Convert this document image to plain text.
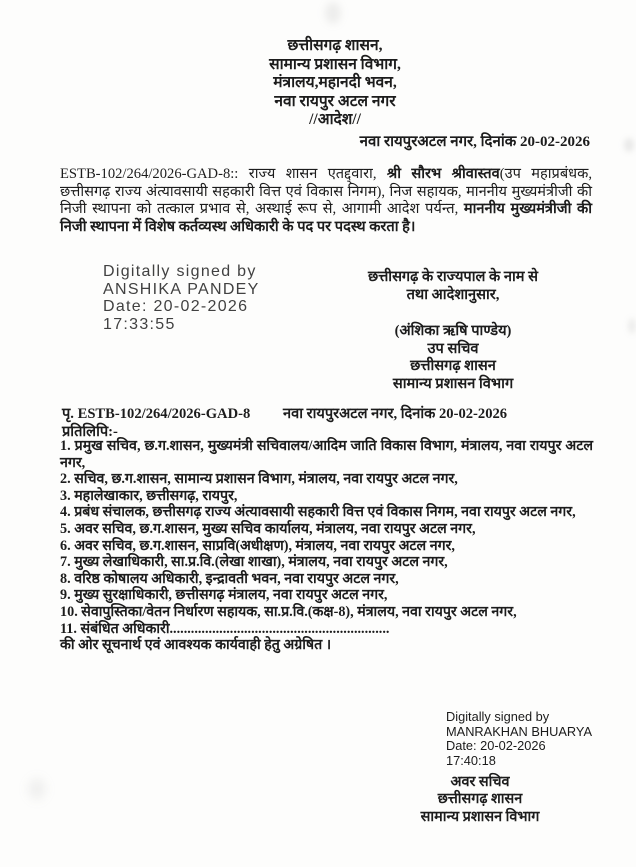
छत्तीसगढ़ शासन,
सामान्य प्रशासन विभाग,
मंत्रालय,महानदी भवन,
नवा रायपुर अटल नगर
//आदेश//
नवा रायपुरअटल नगर, दिनांक 20-02-2026

ESTB-102/264/2026-GAD-8:: राज्य शासन एतद्द्वारा, श्री सौरभ श्रीवास्तव(उप महाप्रबंधक, छत्तीसगढ़ राज्य अंत्यावसायी सहकारी वित्त एवं विकास निगम), निज सहायक, माननीय मुख्यमंत्रीजी की निजी स्थापना को तत्काल प्रभाव से, अस्थाई रूप से, आगामी आदेश पर्यन्त, माननीय मुख्यमंत्रीजी की निजी स्थापना में विशेष कर्तव्यस्थ अधिकारी के पद पर पदस्थ करता है।

Digitally signed by
ANSHIKA PANDEY
Date: 20-02-2026
17:33:55
छत्तीसगढ़ के राज्यपाल के नाम से
तथा आदेशानुसार,
(अंशिका ऋषि पाण्डेय)
उप सचिव
छत्तीसगढ़ शासन
सामान्य प्रशासन विभाग
पृ. ESTB-102/264/2026-GAD-8 नवा रायपुरअटल नगर, दिनांक 20-02-2026
प्रतिलिपि:-
1. प्रमुख सचिव, छ.ग.शासन, मुख्यमंत्री सचिवालय/आदिम जाति विकास विभाग, मंत्रालय, नवा रायपुर अटल नगर,
2. सचिव, छ.ग.शासन, सामान्य प्रशासन विभाग, मंत्रालय, नवा रायपुर अटल नगर,
3. महालेखाकार, छत्तीसगढ़, रायपुर,
4. प्रबंध संचालक, छत्तीसगढ़ राज्य अंत्यावसायी सहकारी वित्त एवं विकास निगम, नवा रायपुर अटल नगर,
5. अवर सचिव, छ.ग.शासन, मुख्य सचिव कार्यालय, मंत्रालय, नवा रायपुर अटल नगर,
6. अवर सचिव, छ.ग.शासन, साप्रवि(अधीक्षण), मंत्रालय, नवा रायपुर अटल नगर,
7. मुख्य लेखाधिकारी, सा.प्र.वि.(लेखा शाखा), मंत्रालय, नवा रायपुर अटल नगर,
8. वरिष्ठ कोषालय अधिकारी, इन्द्रावती भवन, नवा रायपुर अटल नगर,
9. मुख्य सुरक्षाधिकारी, छत्तीसगढ़ मंत्रालय, नवा रायपुर अटल नगर,
10. सेवापुस्तिका/वेतन निर्धारण सहायक, सा.प्र.वि.(कक्ष-8), मंत्रालय, नवा रायपुर अटल नगर,
11. संबंधित अधिकारी..............................................................
की ओर सूचनार्थ एवं आवश्यक कार्यवाही हेतु अग्रेषित ।
Digitally signed by
MANRAKHAN BHUARYA
Date: 20-02-2026
17:40:18
अवर सचिव
छत्तीसगढ़ शासन
सामान्य प्रशासन विभाग
